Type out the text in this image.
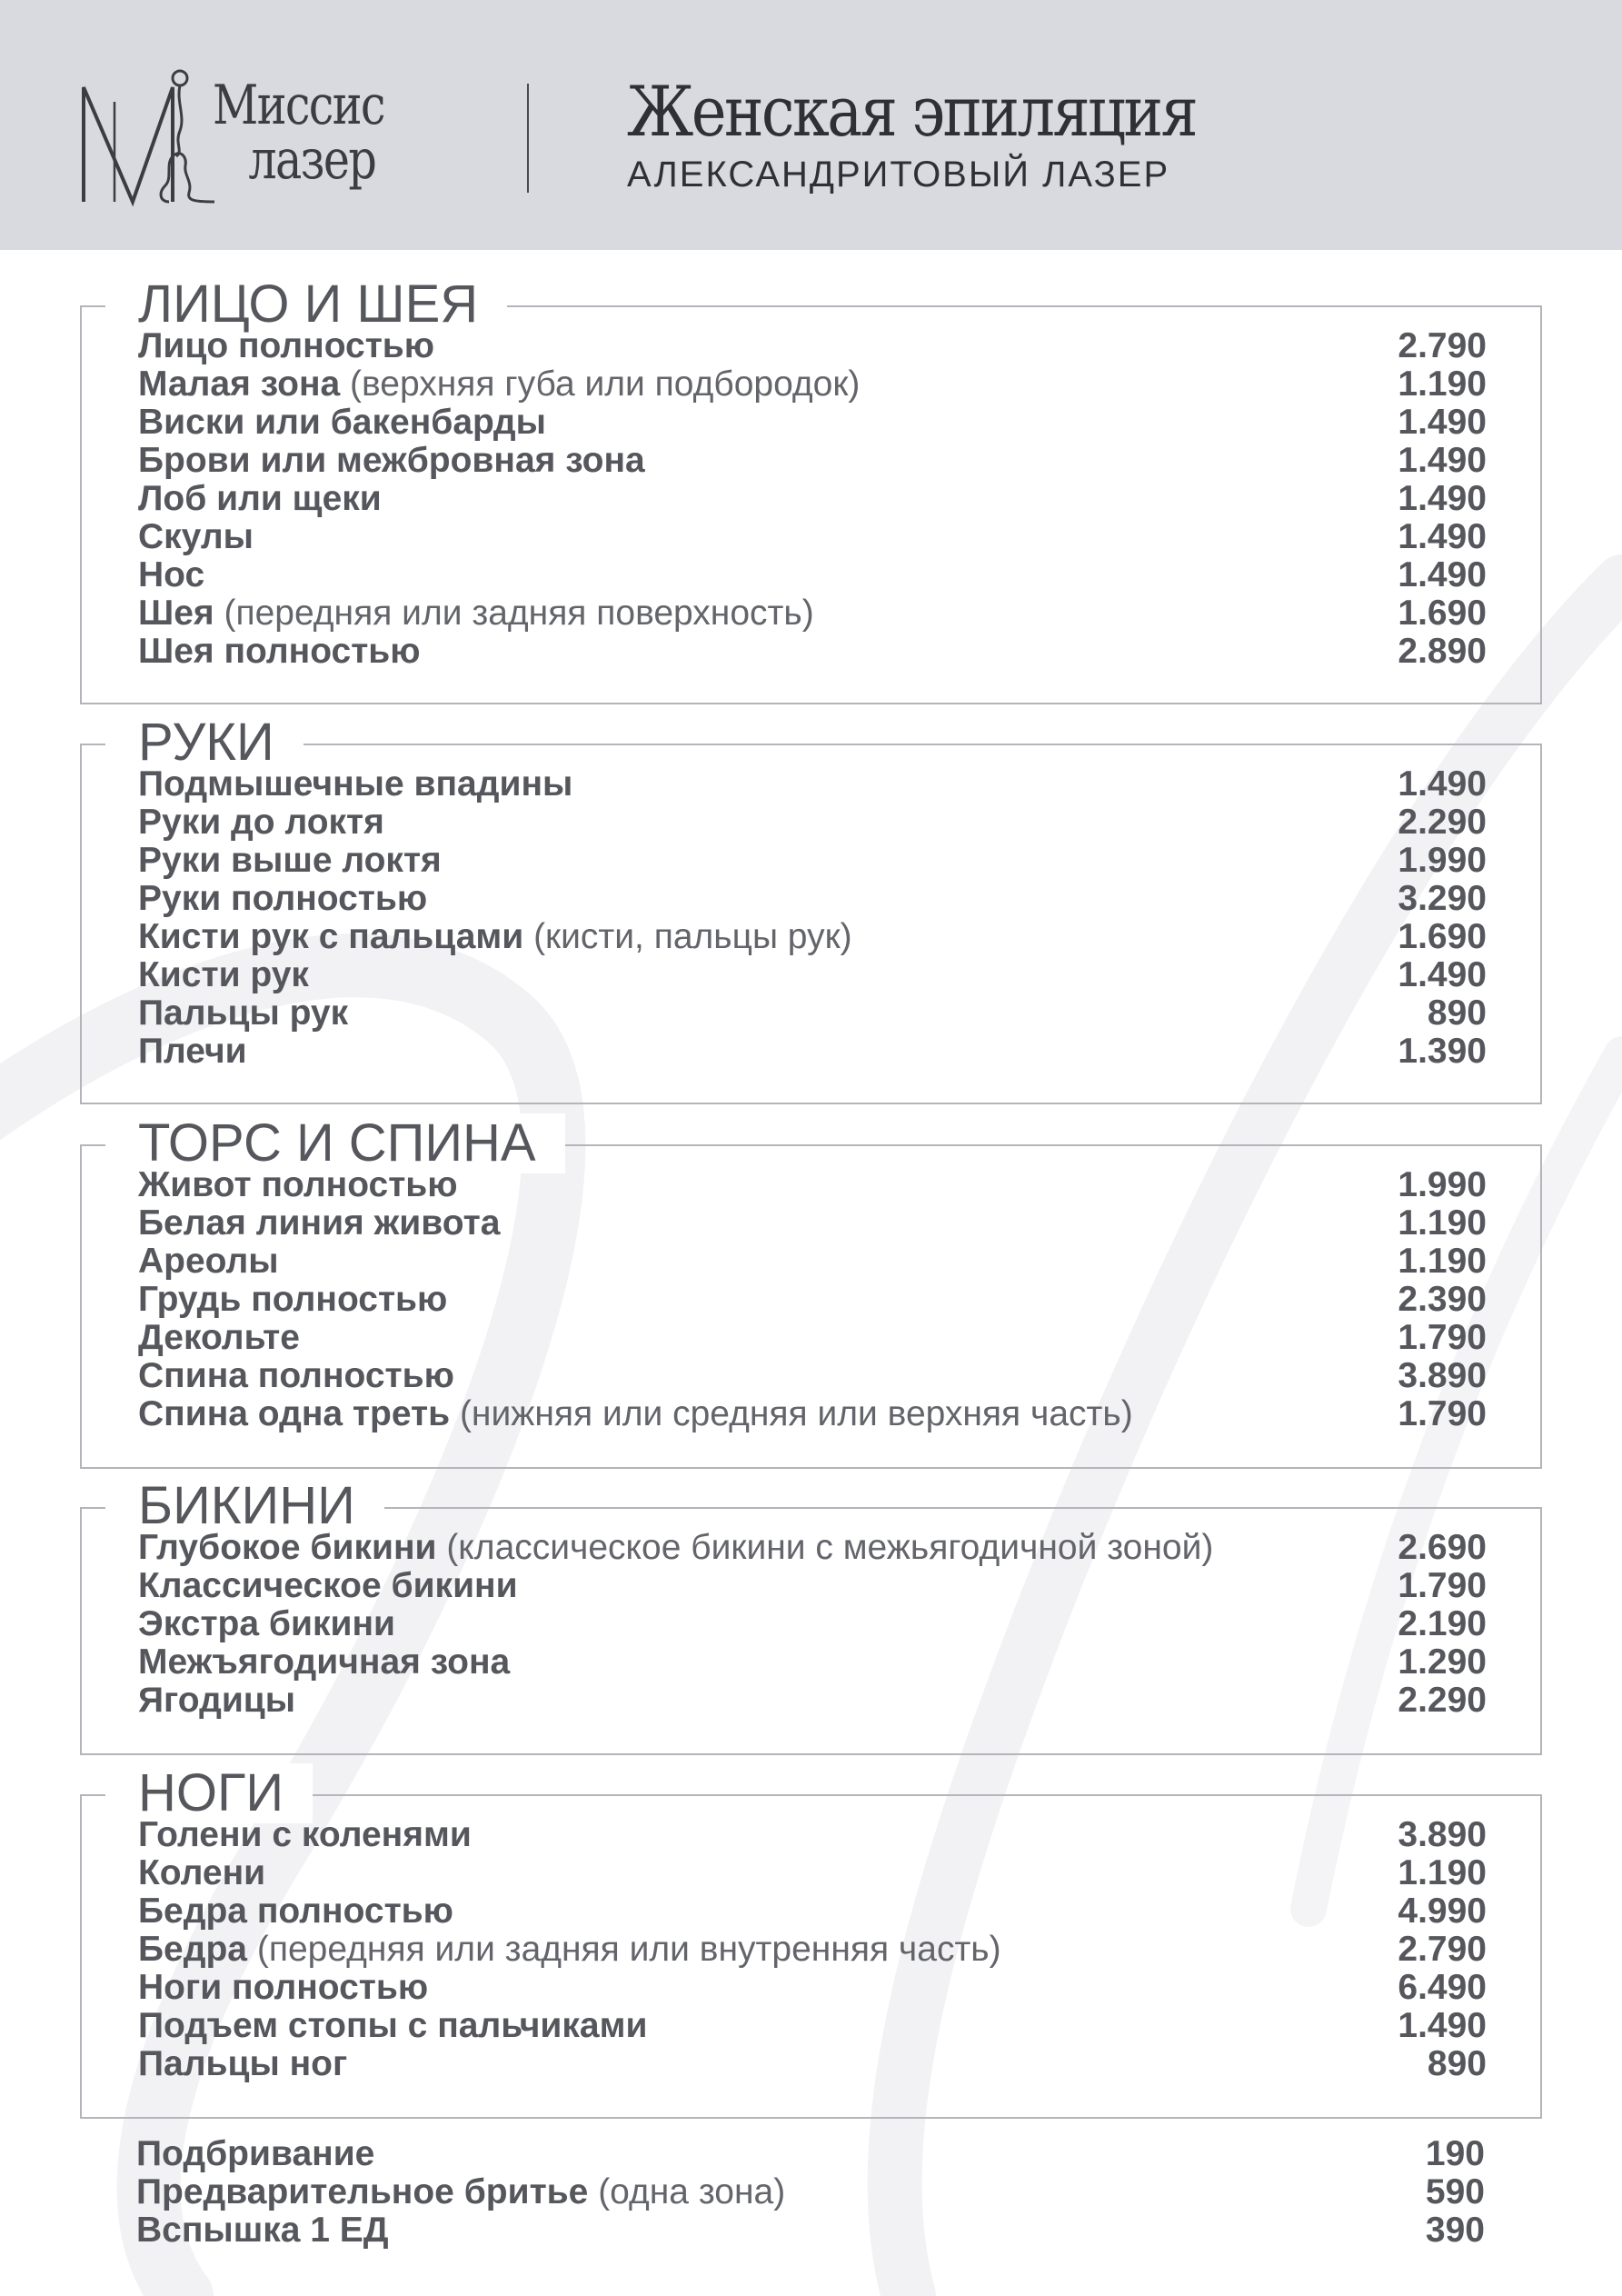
Миссис
лазер
Женская эпиляция
АЛЕКСАНДРИТОВЫЙ ЛАЗЕР
ЛИЦО И ШЕЯ
Лицо полностью	2.790
Малая зона (верхняя губа или подбородок)	1.190
Виски или бакенбарды	1.490
Брови или межбровная зона	1.490
Лоб или щеки	1.490
Скулы	1.490
Нос	1.490
Шея (передняя или задняя поверхность)	1.690
Шея полностью	2.890
РУКИ
Подмышечные впадины	1.490
Руки до локтя	2.290
Руки выше локтя	1.990
Руки полностью	3.290
Кисти рук с пальцами (кисти, пальцы рук)	1.690
Кисти рук	1.490
Пальцы рук	890
Плечи	1.390
ТОРС И СПИНА
Живот полностью	1.990
Белая линия живота	1.190
Ареолы	1.190
Грудь полностью	2.390
Декольте	1.790
Спина полностью	3.890
Спина одна треть (нижняя или средняя или верхняя часть)	1.790
БИКИНИ
Глубокое бикини (классическое бикини с межьягодичной зоной)	2.690
Классическое бикини	1.790
Экстра бикини	2.190
Межъягодичная зона	1.290
Ягодицы	2.290
НОГИ
Голени с коленями	3.890
Колени	1.190
Бедра полностью	4.990
Бедра (передняя или задняя или внутренняя часть)	2.790
Ноги полностью	6.490
Подъем стопы с пальчиками	1.490
Пальцы ног	890
Подбривание	190
Предварительное бритье (одна зона)	590
Вспышка 1 ЕД	390
